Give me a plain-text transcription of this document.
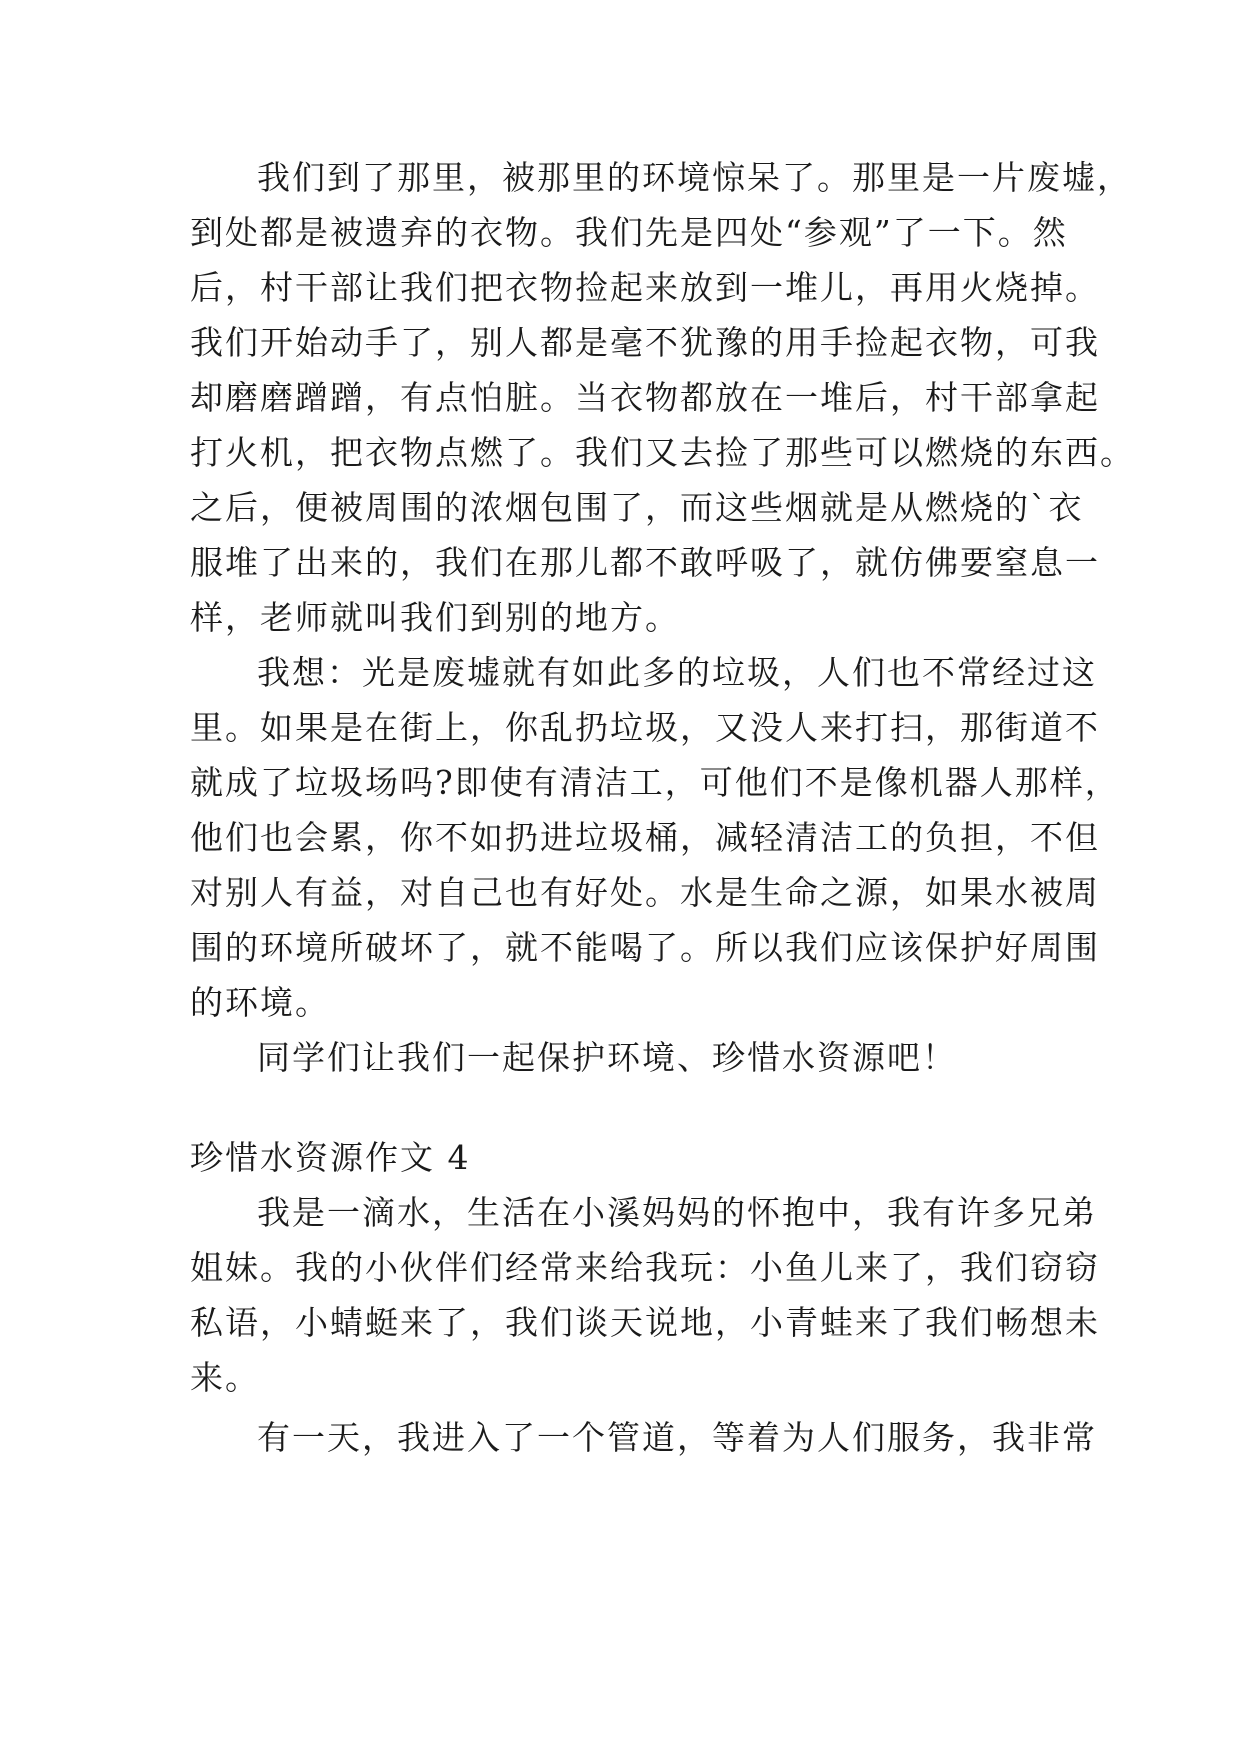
我们到了那里，被那里的环境惊呆了。那里是一片废墟，
到处都是被遗弃的衣物。我们先是四处“参观”了一下。然
后，村干部让我们把衣物捡起来放到一堆儿，再用火烧掉。
我们开始动手了，别人都是毫不犹豫的用手捡起衣物，可我
却磨磨蹭蹭，有点怕脏。当衣物都放在一堆后，村干部拿起
打火机，把衣物点燃了。我们又去捡了那些可以燃烧的东西。
之后，便被周围的浓烟包围了，而这些烟就是从燃烧的`衣
服堆了出来的，我们在那儿都不敢呼吸了，就仿佛要窒息一
样，老师就叫我们到别的地方。
我想：光是废墟就有如此多的垃圾，人们也不常经过这
里。如果是在街上，你乱扔垃圾，又没人来打扫，那街道不
就成了垃圾场吗?即使有清洁工，可他们不是像机器人那样，
他们也会累，你不如扔进垃圾桶，减轻清洁工的负担，不但
对别人有益，对自己也有好处。水是生命之源，如果水被周
围的环境所破坏了，就不能喝了。所以我们应该保护好周围
的环境。
同学们让我们一起保护环境、珍惜水资源吧！
珍惜水资源作文 4
我是一滴水，生活在小溪妈妈的怀抱中，我有许多兄弟
姐妹。我的小伙伴们经常来给我玩：小鱼儿来了，我们窃窃
私语，小蜻蜓来了，我们谈天说地，小青蛙来了我们畅想未
来。
有一天，我进入了一个管道，等着为人们服务，我非常
